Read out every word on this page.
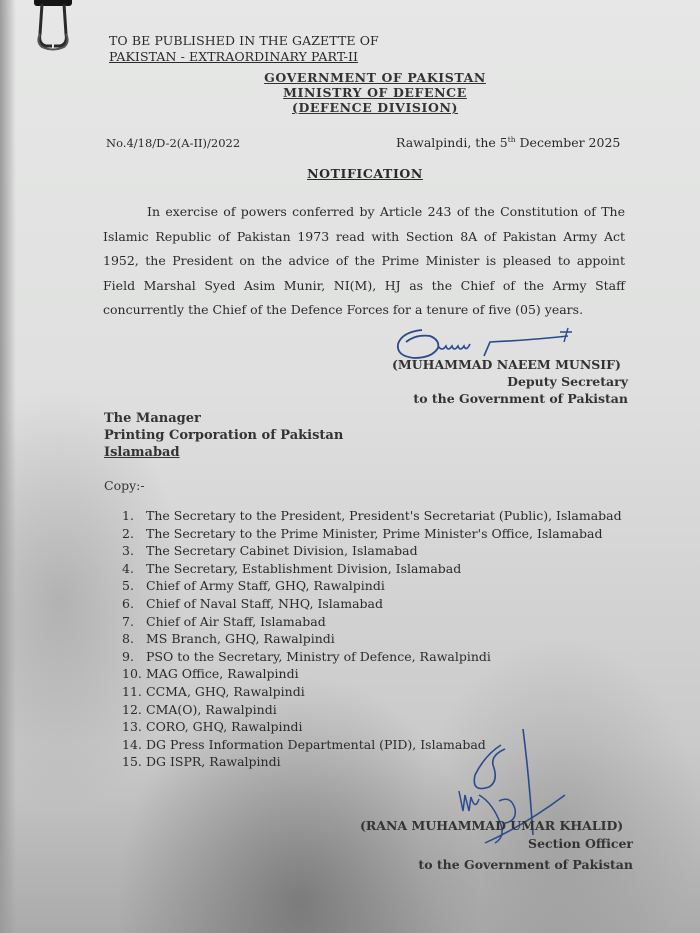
TO BE PUBLISHED IN THE GAZETTE OF
PAKISTAN - EXTRAORDINARY PART-II
GOVERNMENT OF PAKISTAN
MINISTRY OF DEFENCE
(DEFENCE DIVISION)
No.4/18/D-2(A-II)/2022	Rawalpindi, the 5th December 2025
NOTIFICATION
In exercise of powers conferred by Article 243 of the Constitution of The Islamic Republic of Pakistan 1973 read with Section 8A of Pakistan Army Act 1952, the President on the advice of the Prime Minister is pleased to appoint Field Marshal Syed Asim Munir, NI(M), HJ as the Chief of the Army Staff concurrently the Chief of the Defence Forces for a tenure of five (05) years.
(MUHAMMAD NAEEM MUNSIF)
Deputy Secretary
to the Government of Pakistan
The Manager
Printing Corporation of Pakistan
Islamabad
Copy:-
1. The Secretary to the President, President's Secretariat (Public), Islamabad
2. The Secretary to the Prime Minister, Prime Minister's Office, Islamabad
3. The Secretary Cabinet Division, Islamabad
4. The Secretary, Establishment Division, Islamabad
5. Chief of Army Staff, GHQ, Rawalpindi
6. Chief of Naval Staff, NHQ, Islamabad
7. Chief of Air Staff, Islamabad
8. MS Branch, GHQ, Rawalpindi
9. PSO to the Secretary, Ministry of Defence, Rawalpindi
10. MAG Office, Rawalpindi
11. CCMA, GHQ, Rawalpindi
12. CMA(O), Rawalpindi
13. CORO, GHQ, Rawalpindi
14. DG Press Information Departmental (PID), Islamabad
15. DG ISPR, Rawalpindi
(RANA MUHAMMAD UMAR KHALID)
Section Officer
to the Government of Pakistan
